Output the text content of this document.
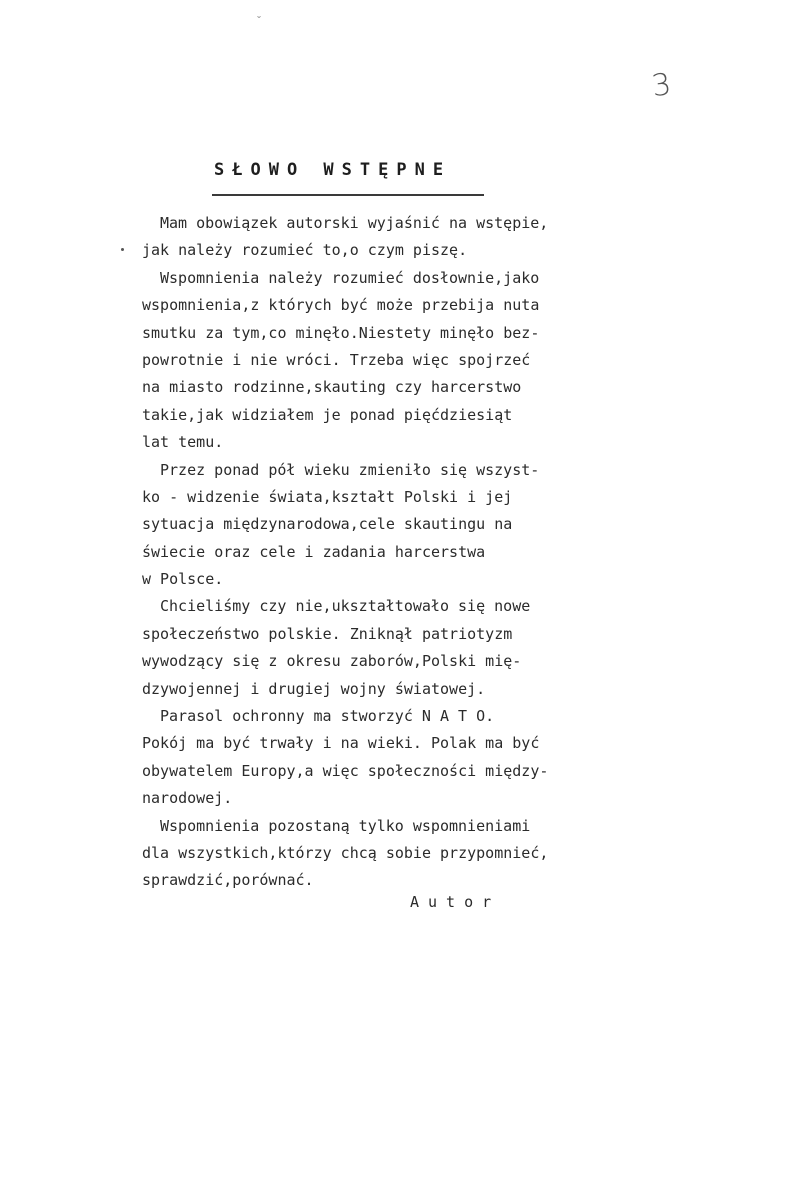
˘
3
SŁOWO WSTĘPNE
Mam obowiązek autorski wyjaśnić na wstępie,
jak należy rozumieć to,o czym piszę.
Wspomnienia należy rozumieć dosłownie,jako
wspomnienia,z których być może przebija nuta
smutku za tym,co minęło.Niestety minęło bez-
powrotnie i nie wróci. Trzeba więc spojrzeć
na miasto rodzinne,skauting czy harcerstwo
takie,jak widziałem je ponad pięćdziesiąt
lat temu.
Przez ponad pół wieku zmieniło się wszyst-
ko - widzenie świata,kształt Polski i jej
sytuacja międzynarodowa,cele skautingu na
świecie oraz cele i zadania harcerstwa
w Polsce.
Chcieliśmy czy nie,ukształtowało się nowe
społeczeństwo polskie. Zniknął patriotyzm
wywodzący się z okresu zaborów,Polski mię-
dzywojennej i drugiej wojny światowej.
Parasol ochronny ma stworzyć N A T O.
Pokój ma być trwały i na wieki. Polak ma być
obywatelem Europy,a więc społeczności między-
narodowej.
Wspomnienia pozostaną tylko wspomnieniami
dla wszystkich,którzy chcą sobie przypomnieć,
sprawdzić,porównać.
Autor
